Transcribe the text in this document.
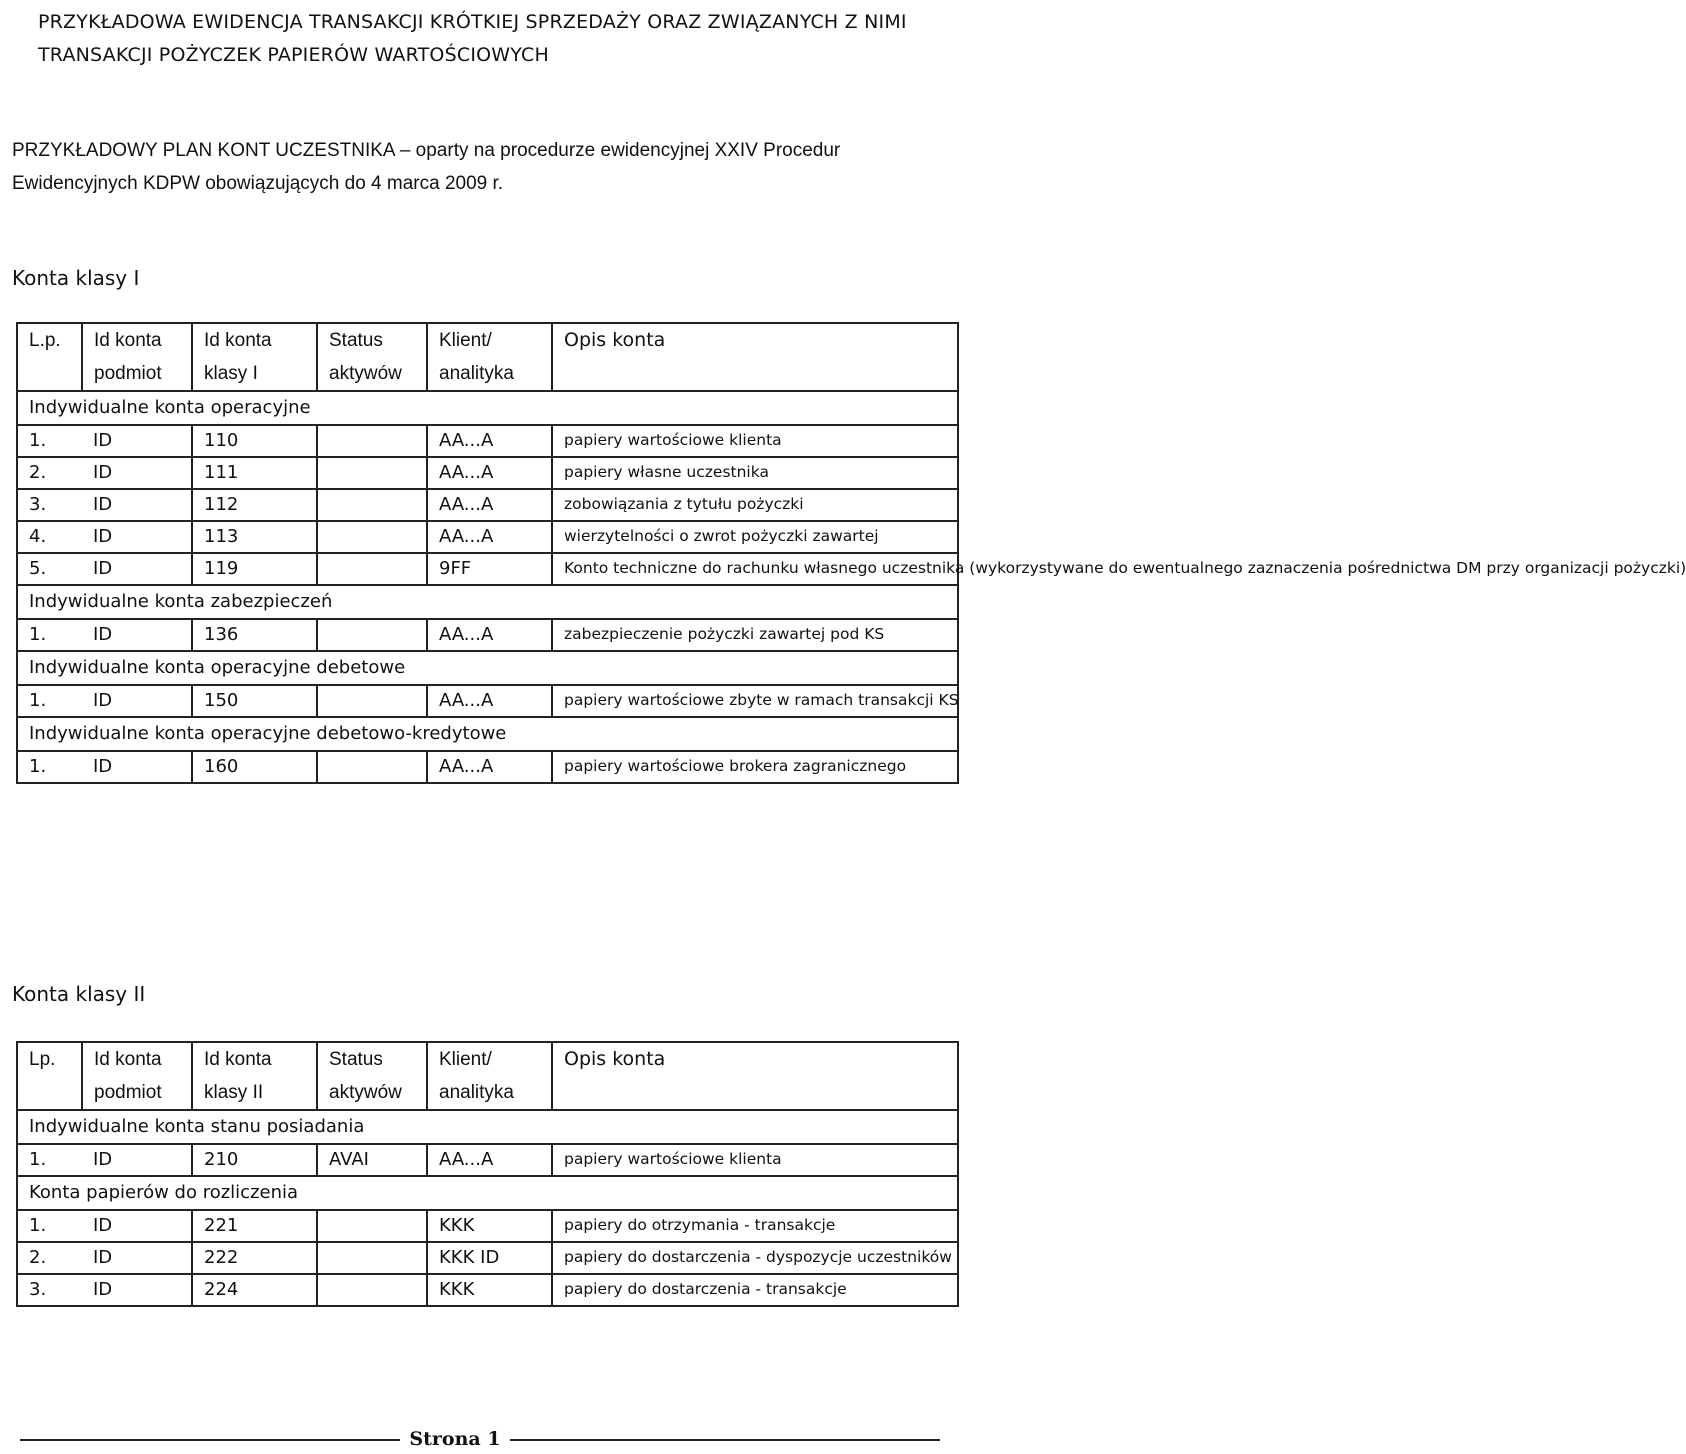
PRZYKŁADOWA EWIDENCJA TRANSAKCJI KRÓTKIEJ SPRZEDAŻY ORAZ ZWIĄZANYCH Z NIMI TRANSAKCJI POŻYCZEK PAPIERÓW WARTOŚCIOWYCH
PRZYKŁADOWY PLAN KONT UCZESTNIKA – oparty na procedurze ewidencyjnej XXIV Procedur Ewidencyjnych KDPW obowiązujących do 4 marca 2009 r.
Konta klasy I
L.p.	Id konta podmiot	Id konta klasy I	Status aktywów	Klient/ analityka	Opis konta
Indywidualne konta operacyjne					
1.	ID	110		AA...A	papiery wartościowe klienta
2.	ID	111		AA...A	papiery własne uczestnika
3.	ID	112		AA...A	zobowiązania z tytułu pożyczki
4.	ID	113		AA...A	wierzytelności o zwrot pożyczki zawartej
5.	ID	119		9FF	Konto techniczne do rachunku własnego uczestnika (wykorzystywane do ewentualnego zaznaczenia pośrednictwa DM przy organizacji pożyczki)
Indywidualne konta zabezpieczeń					
1.	ID	136		AA...A	zabezpieczenie pożyczki zawartej pod KS
Indywidualne konta operacyjne debetowe					
1.	ID	150		AA...A	papiery wartościowe zbyte w ramach transakcji KS
Indywidualne konta operacyjne debetowo-kredytowe					
1.	ID	160		AA...A	papiery wartościowe brokera zagranicznego
Konta klasy II
Lp.	Id konta podmiot	Id konta klasy II	Status aktywów	Klient/ analityka	Opis konta
Indywidualne konta stanu posiadania					
1.	ID	210	AVAI	AA...A	papiery wartościowe klienta
Konta papierów do rozliczenia					
1.	ID	221		KKK	papiery do otrzymania - transakcje
2.	ID	222		KKK ID	papiery do dostarczenia - dyspozycje uczestników
3.	ID	224		KKK	papiery do dostarczenia - transakcje
Strona 1
